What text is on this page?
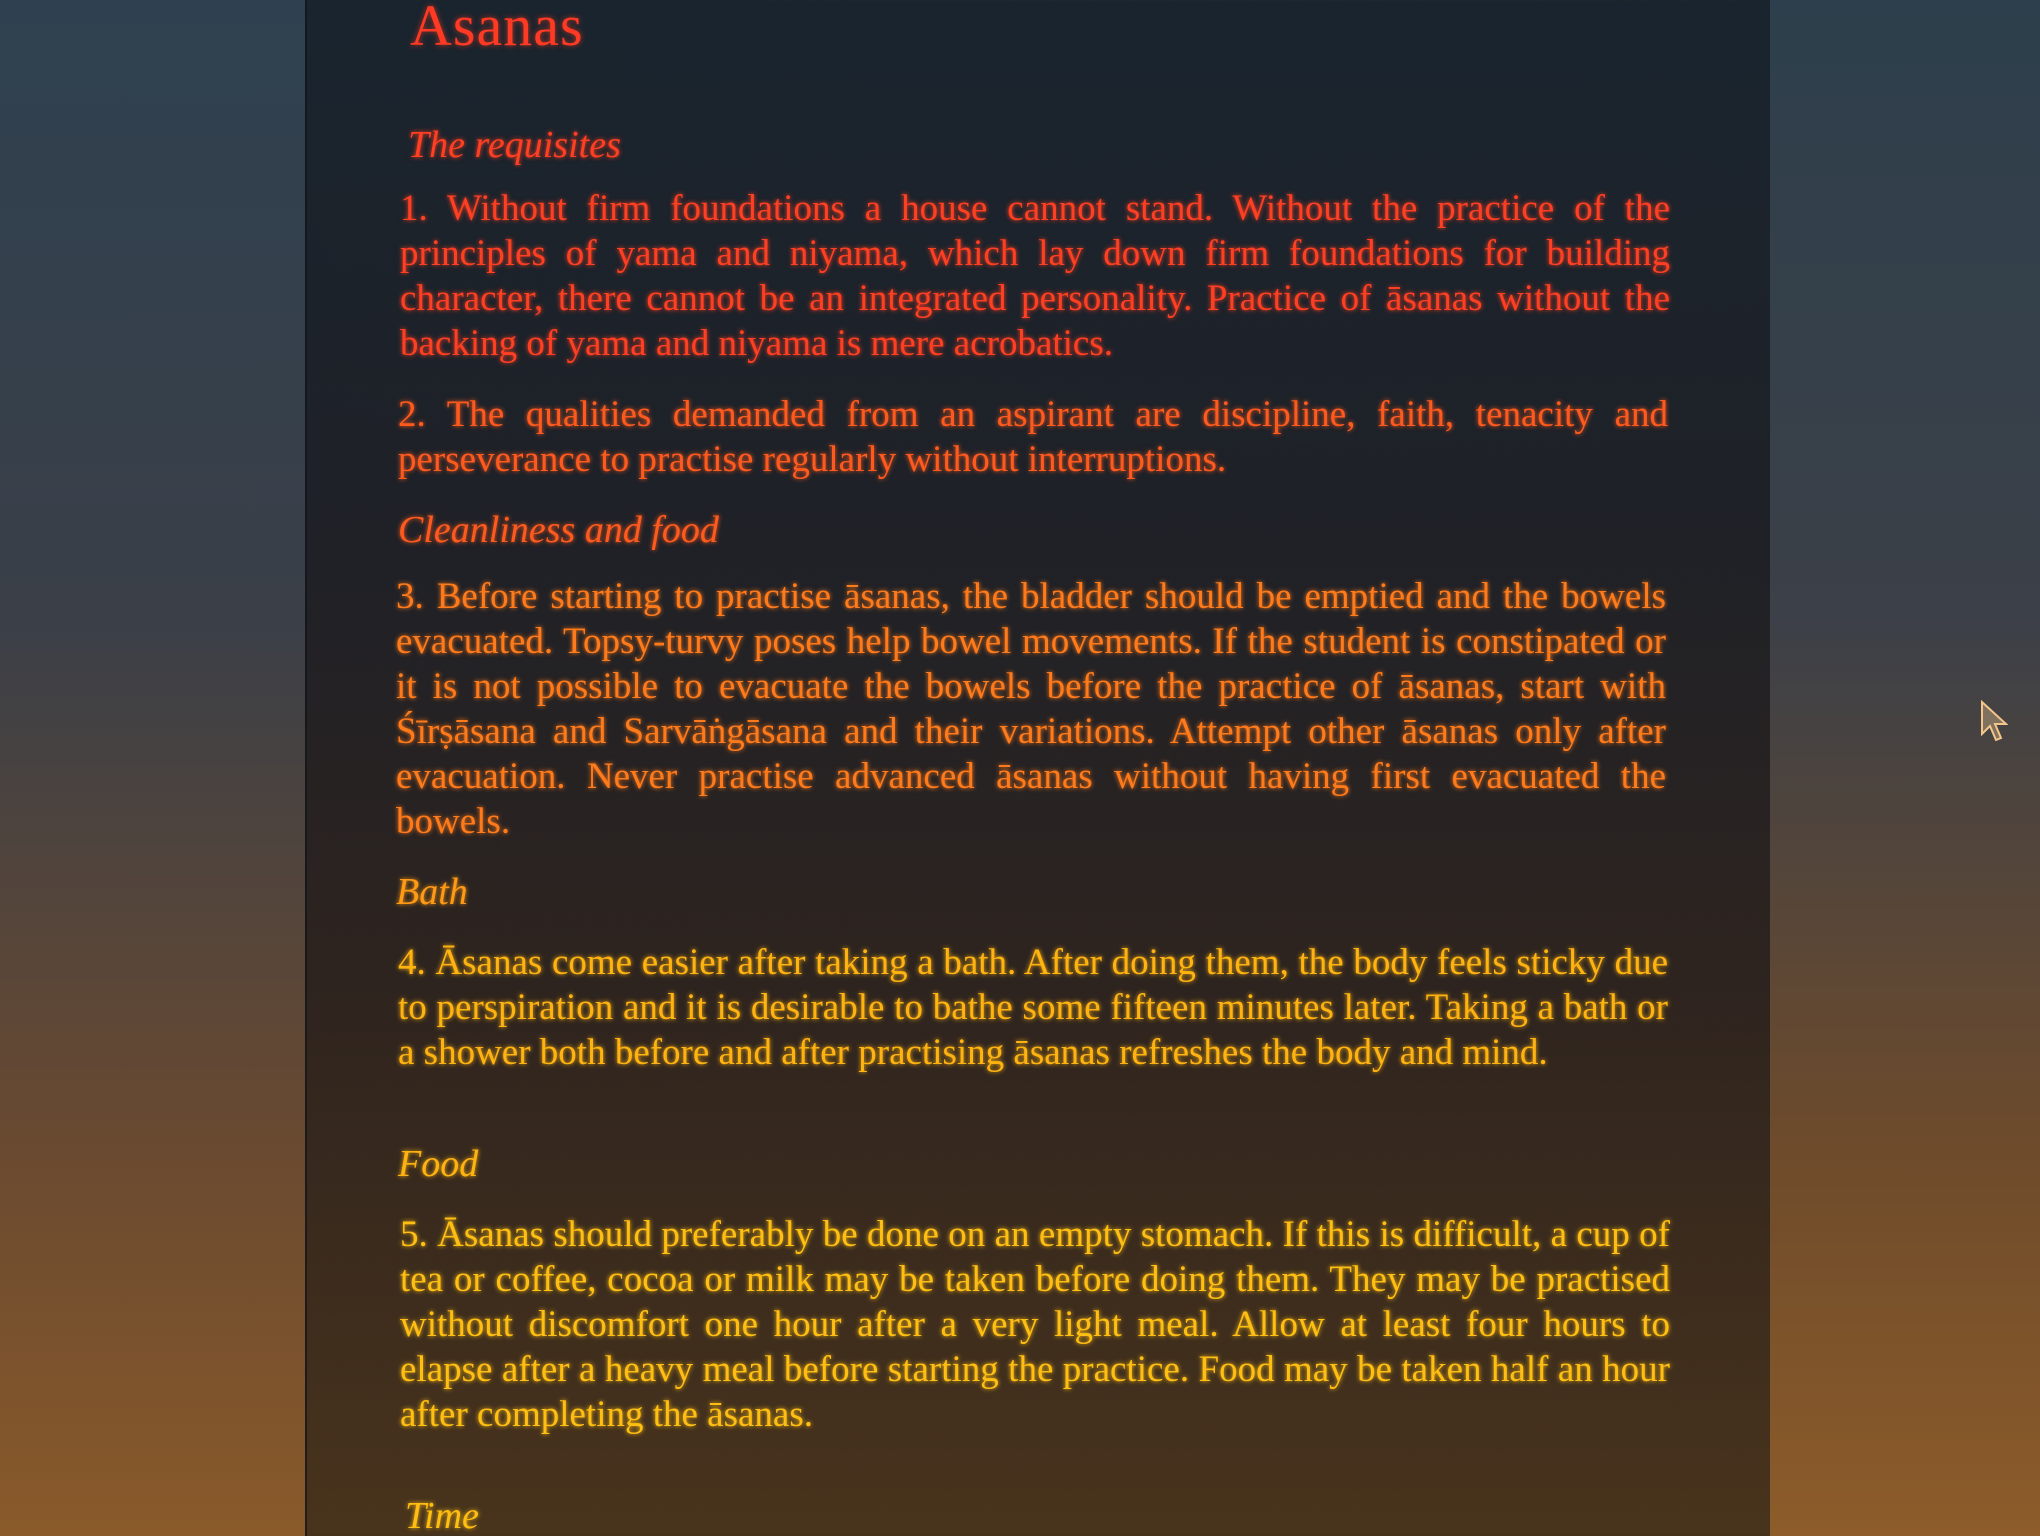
Asanas
The requisites
1. Without firm foundations a house cannot stand. Without the practice of the principles of yama and niyama, which lay down firm foundations for building character, there cannot be an integrated personality. Practice of āsanas without the backing of yama and niyama is mere acrobatics.
2. The qualities demanded from an aspirant are discipline, faith, tenacity and perseverance to practise regularly without interruptions.
Cleanliness and food
3. Before starting to practise āsanas, the bladder should be emptied and the bowels evacuated. Topsy-turvy poses help bowel movements. If the student is constipated or it is not possible to evacuate the bowels before the practice of āsanas, start with Śīrṣāsana and Sarvāṅgāsana and their variations. Attempt other āsanas only after evacuation. Never practise advanced āsanas without having first evacuated the bowels.
Bath
4. Āsanas come easier after taking a bath. After doing them, the body feels sticky due to perspiration and it is desirable to bathe some fifteen minutes later. Taking a bath or a shower both before and after practising āsanas refreshes the body and mind.
Food
5. Āsanas should preferably be done on an empty stomach. If this is difficult, a cup of tea or coffee, cocoa or milk may be taken before doing them. They may be practised without discomfort one hour after a very light meal. Allow at least four hours to elapse after a heavy meal before starting the practice. Food may be taken half an hour after completing the āsanas.
Time
